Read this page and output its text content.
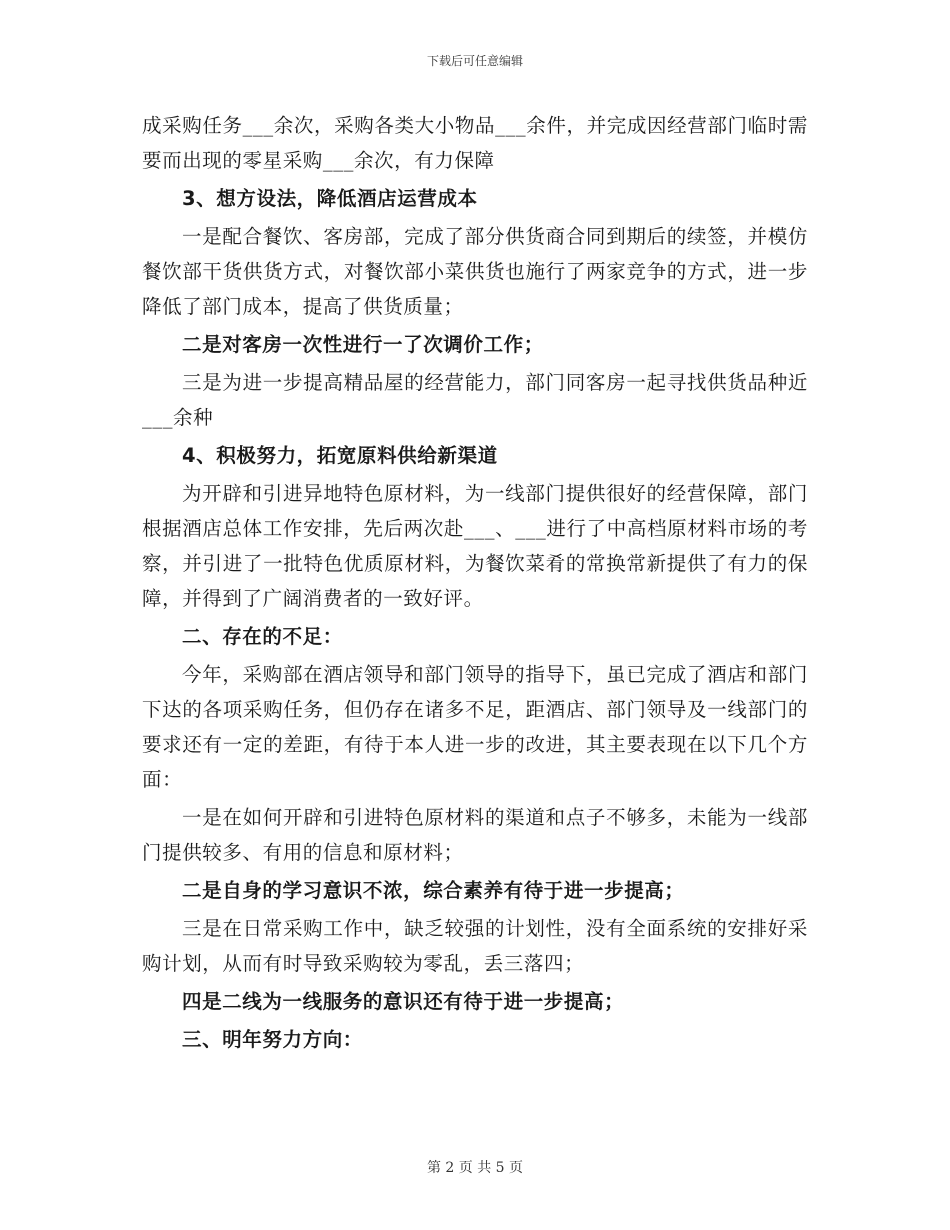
下载后可任意编辑

成采购任务___余次，采购各类大小物品___余件，并完成因经营部门临时需要而出现的零星采购___余次，有力保障

3、想方设法，降低酒店运营成本

一是配合餐饮、客房部，完成了部分供货商合同到期后的续签，并模仿餐饮部干货供货方式，对餐饮部小菜供货也施行了两家竞争的方式，进一步降低了部门成本，提高了供货质量；

二是对客房一次性进行一了次调价工作；

三是为进一步提高精品屋的经营能力，部门同客房一起寻找供货品种近___余种

4、积极努力，拓宽原料供给新渠道

为开辟和引进异地特色原材料，为一线部门提供很好的经营保障，部门根据酒店总体工作安排，先后两次赴___、___进行了中高档原材料市场的考察，并引进了一批特色优质原材料，为餐饮菜肴的常换常新提供了有力的保障，并得到了广阔消费者的一致好评。

二、存在的不足：

今年，采购部在酒店领导和部门领导的指导下，虽已完成了酒店和部门下达的各项采购任务，但仍存在诸多不足，距酒店、部门领导及一线部门的要求还有一定的差距，有待于本人进一步的改进，其主要表现在以下几个方面：

一是在如何开辟和引进特色原材料的渠道和点子不够多，未能为一线部门提供较多、有用的信息和原材料；

二是自身的学习意识不浓，综合素养有待于进一步提高；

三是在日常采购工作中，缺乏较强的计划性，没有全面系统的安排好采购计划，从而有时导致采购较为零乱，丢三落四；

四是二线为一线服务的意识还有待于进一步提高；

三、明年努力方向：

第 2 页 共 5 页
